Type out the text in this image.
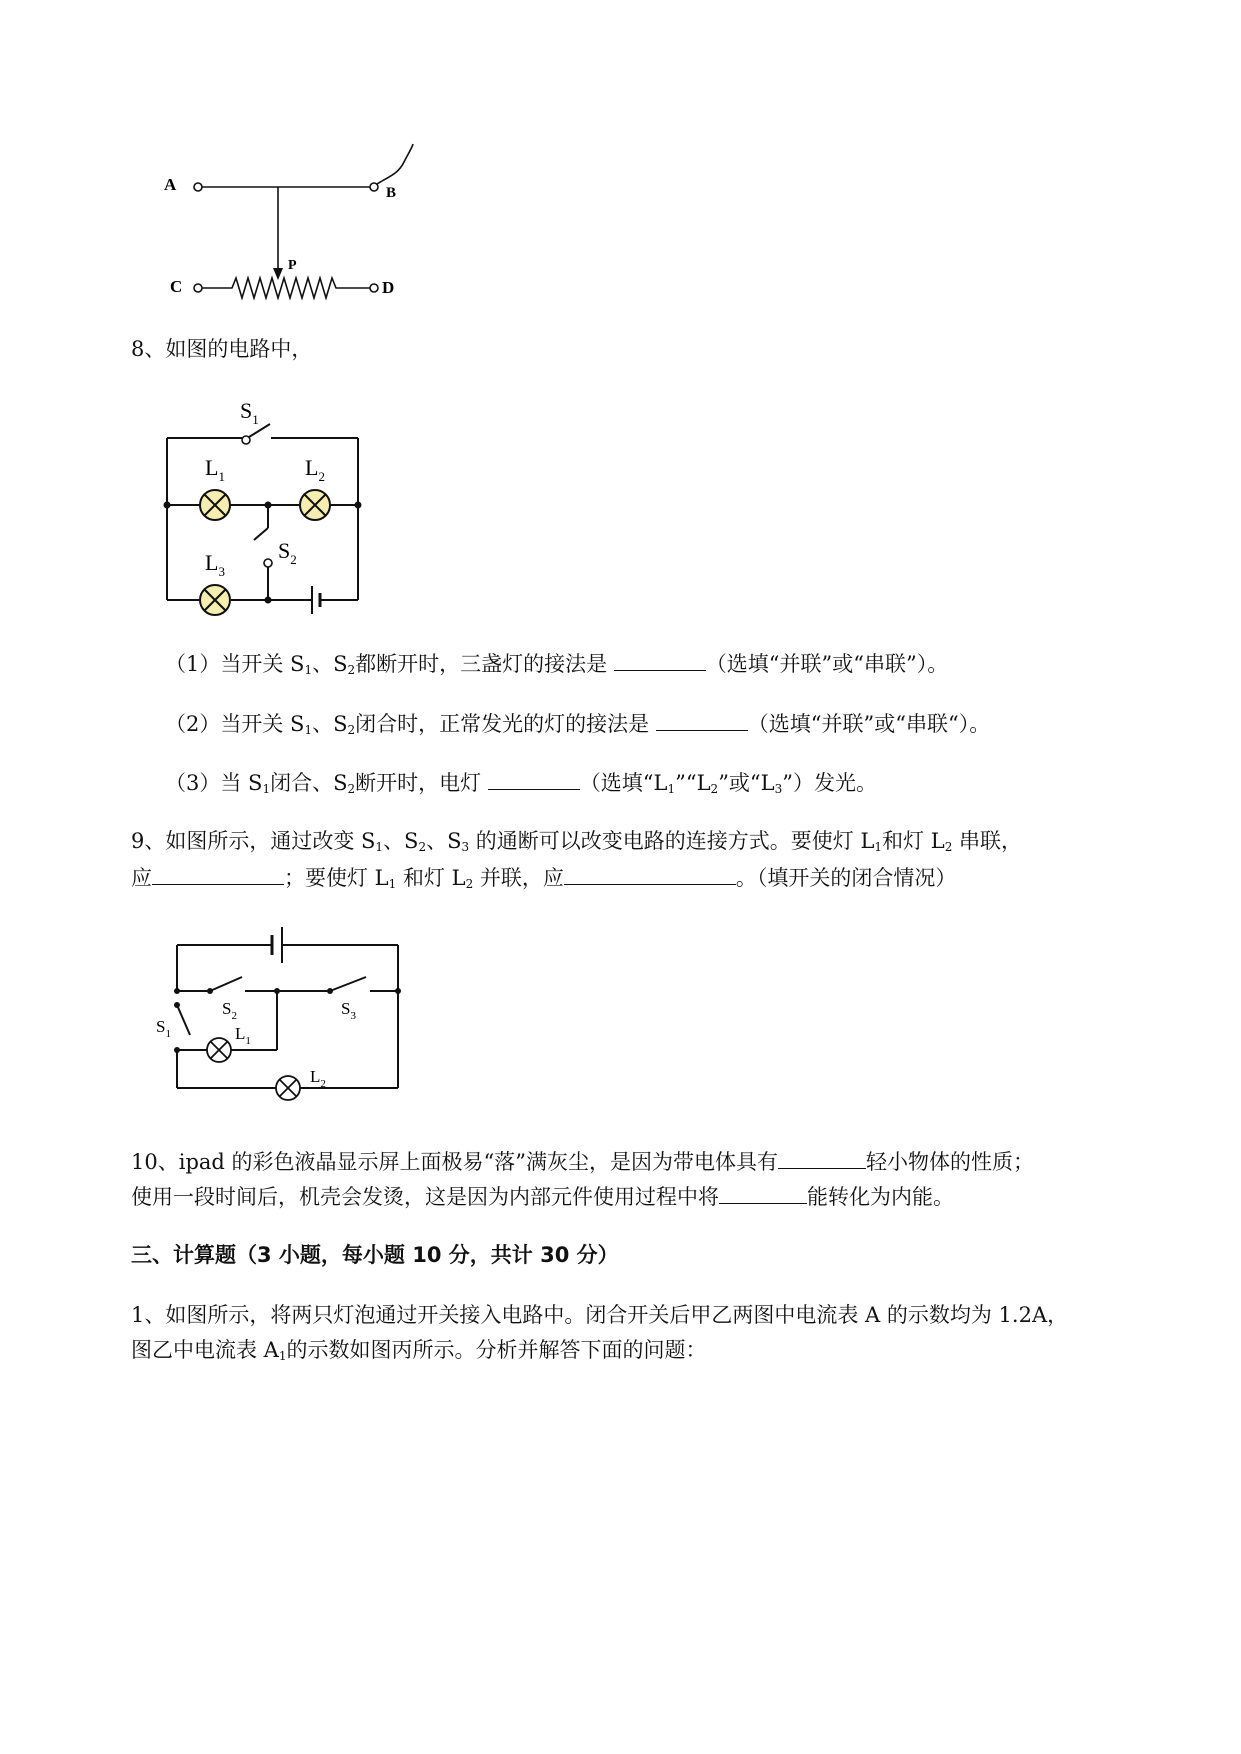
A	B
P
C	D
8、如图的电路中，
$S_1$
$L_1$	$L_2$
$S_2$
$L_3$
（1）当开关 $S_1$、$S_2$都断开时，三盏灯的接法是	（选填“并联”或“串联”）。
（2）当开关 $S_1$、$S_2$闭合时，正常发光的灯的接法是	（选填“并联”或“串联“）。
（3）当 $S_1$闭合、$S_2$断开时，电灯	（选填“$L_1”“L_2$”或“$L_3$”）发光。
9、如图所示，通过改变 $S_1$、$S_2$、$S_3$ 的通断可以改变电路的连接方式。要使灯 $L_1$和灯 $L_2$ 串联，
应	；要使灯 $L_1$ 和灯 $L_2$ 并联，应	。（填开关的闭合情况）
$S_2$	$S_3$
$S_1$	$L_1$
$L_2$
10、ipad 的彩色液晶显示屏上面极易“落”满灰尘，是因为带电体具有	轻小物体的性质；
使用一段时间后，机壳会发烫，这是因为内部元件使用过程中将	能转化为内能。
三、计算题（3 小题，每小题 10 分，共计 30 分）
1、如图所示，将两只灯泡通过开关接入电路中。闭合开关后甲乙两图中电流表 A 的示数均为 1.2A，
图乙中电流表 $A_1$的示数如图丙所示。分析并解答下面的问题：
